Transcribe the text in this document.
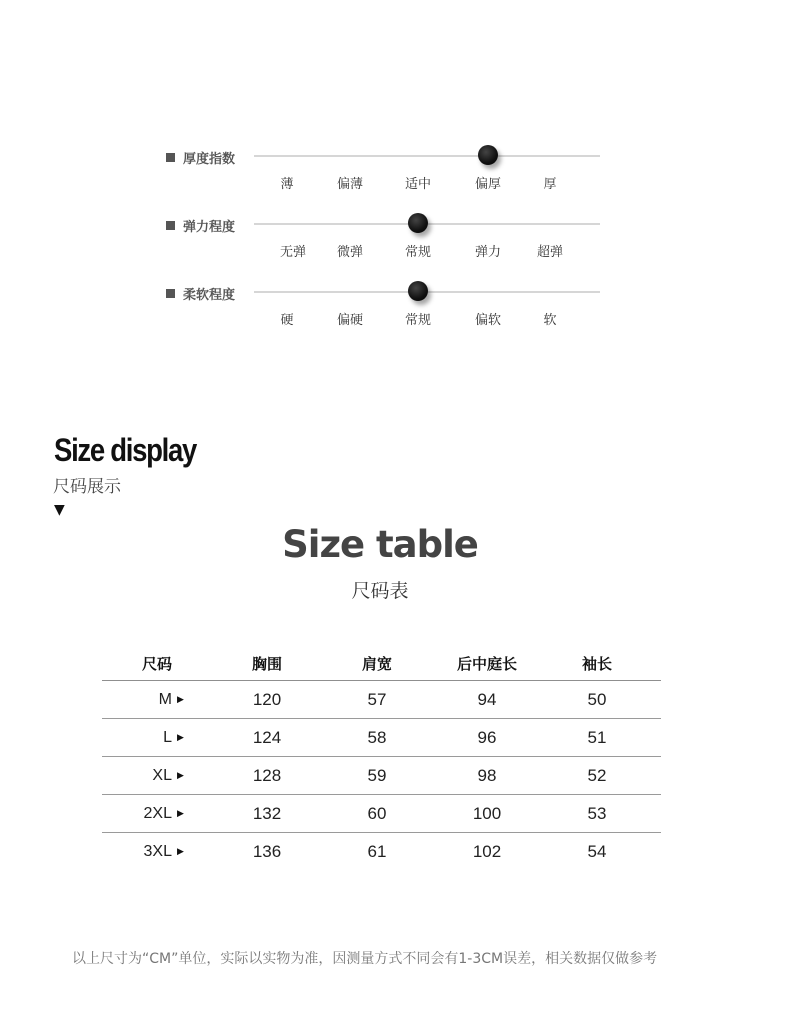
厚度指数
薄	偏薄	适中	偏厚	厚
弹力程度
无弹 微弹	常规	弹力	超弹
柔软程度
硬	偏硬	常规	偏软	软
Size display
尺码展示
▼
Size table
尺码表
尺码	胸围	肩宽	后中庭长	袖长
M ▶	120	57	94	50
L ▶	124	58	96	51
XL ▶	128	59	98	52
2XL ▶	132	60	100	53
3XL ▶	136	61	102	54
以上尺寸为“CM”单位，实际以实物为准，因测量方式不同会有1-3CM误差，相关数据仅做参考
